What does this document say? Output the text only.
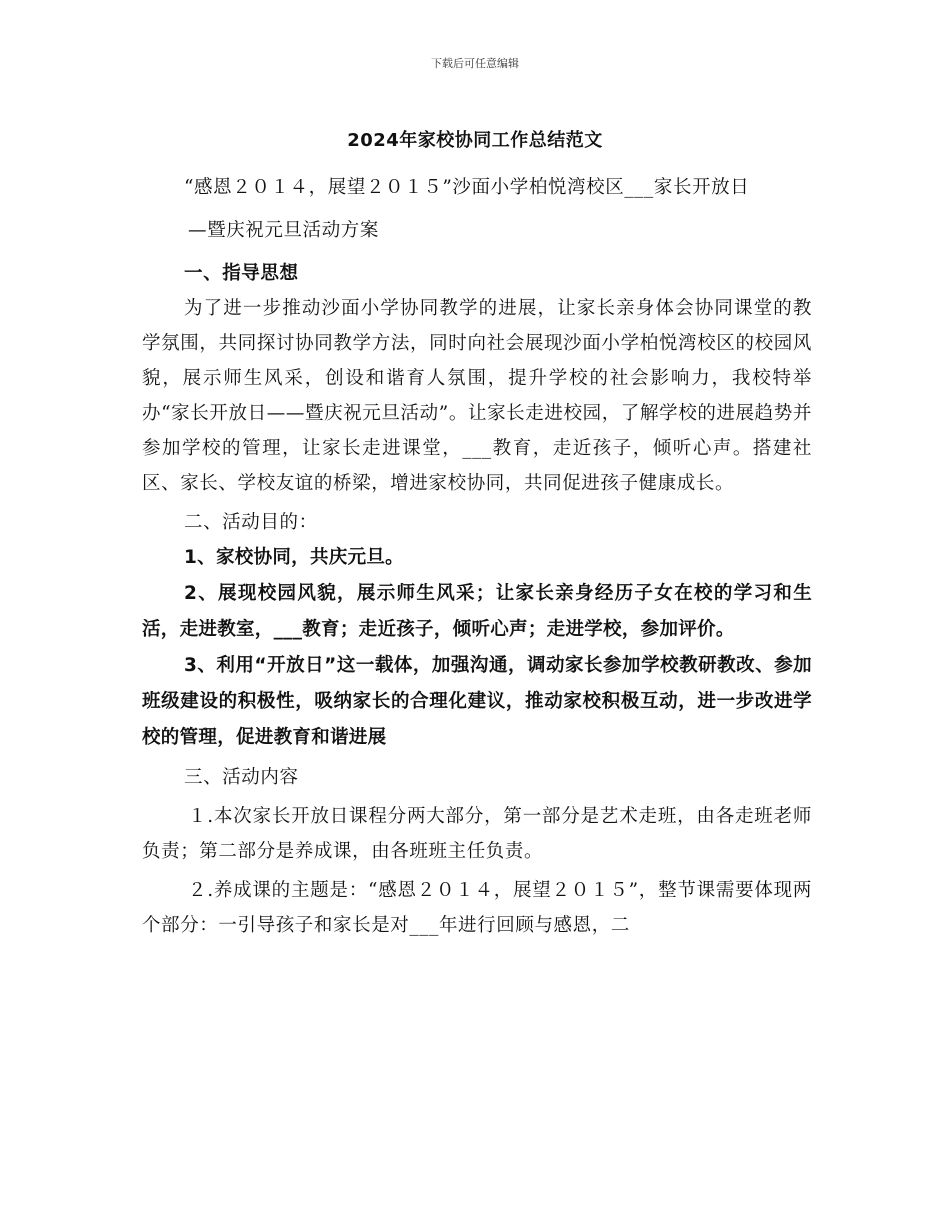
下载后可任意编辑
2024年家校协同工作总结范文

“感恩２０１４，展望２０１５”沙面小学柏悦湾校区___家长开放日

—暨庆祝元旦活动方案

一、指导思想

为了进一步推动沙面小学协同教学的进展，让家长亲身体会协同课堂的教学氛围，共同探讨协同教学方法，同时向社会展现沙面小学柏悦湾校区的校园风貌，展示师生风采，创设和谐育人氛围，提升学校的社会影响力，我校特举办“家长开放日——暨庆祝元旦活动”。让家长走进校园，了解学校的进展趋势并参加学校的管理，让家长走进课堂，___教育，走近孩子，倾听心声。搭建社区、家长、学校友谊的桥梁，增进家校协同，共同促进孩子健康成长。

二、活动目的：

1、家校协同，共庆元旦。

2、展现校园风貌，展示师生风采；让家长亲身经历子女在校的学习和生活，走进教室，___教育；走近孩子，倾听心声；走进学校，参加评价。

3、利用“开放日”这一载体，加强沟通，调动家长参加学校教研教改、参加班级建设的积极性，吸纳家长的合理化建议，推动家校积极互动，进一步改进学校的管理，促进教育和谐进展

三、活动内容

１.本次家长开放日课程分两大部分，第一部分是艺术走班，由各走班老师负责；第二部分是养成课，由各班班主任负责。

２.养成课的主题是：“感恩２０１４，展望２０１５”，整节课需要体现两个部分：一引导孩子和家长是对___年进行回顾与感恩，二
